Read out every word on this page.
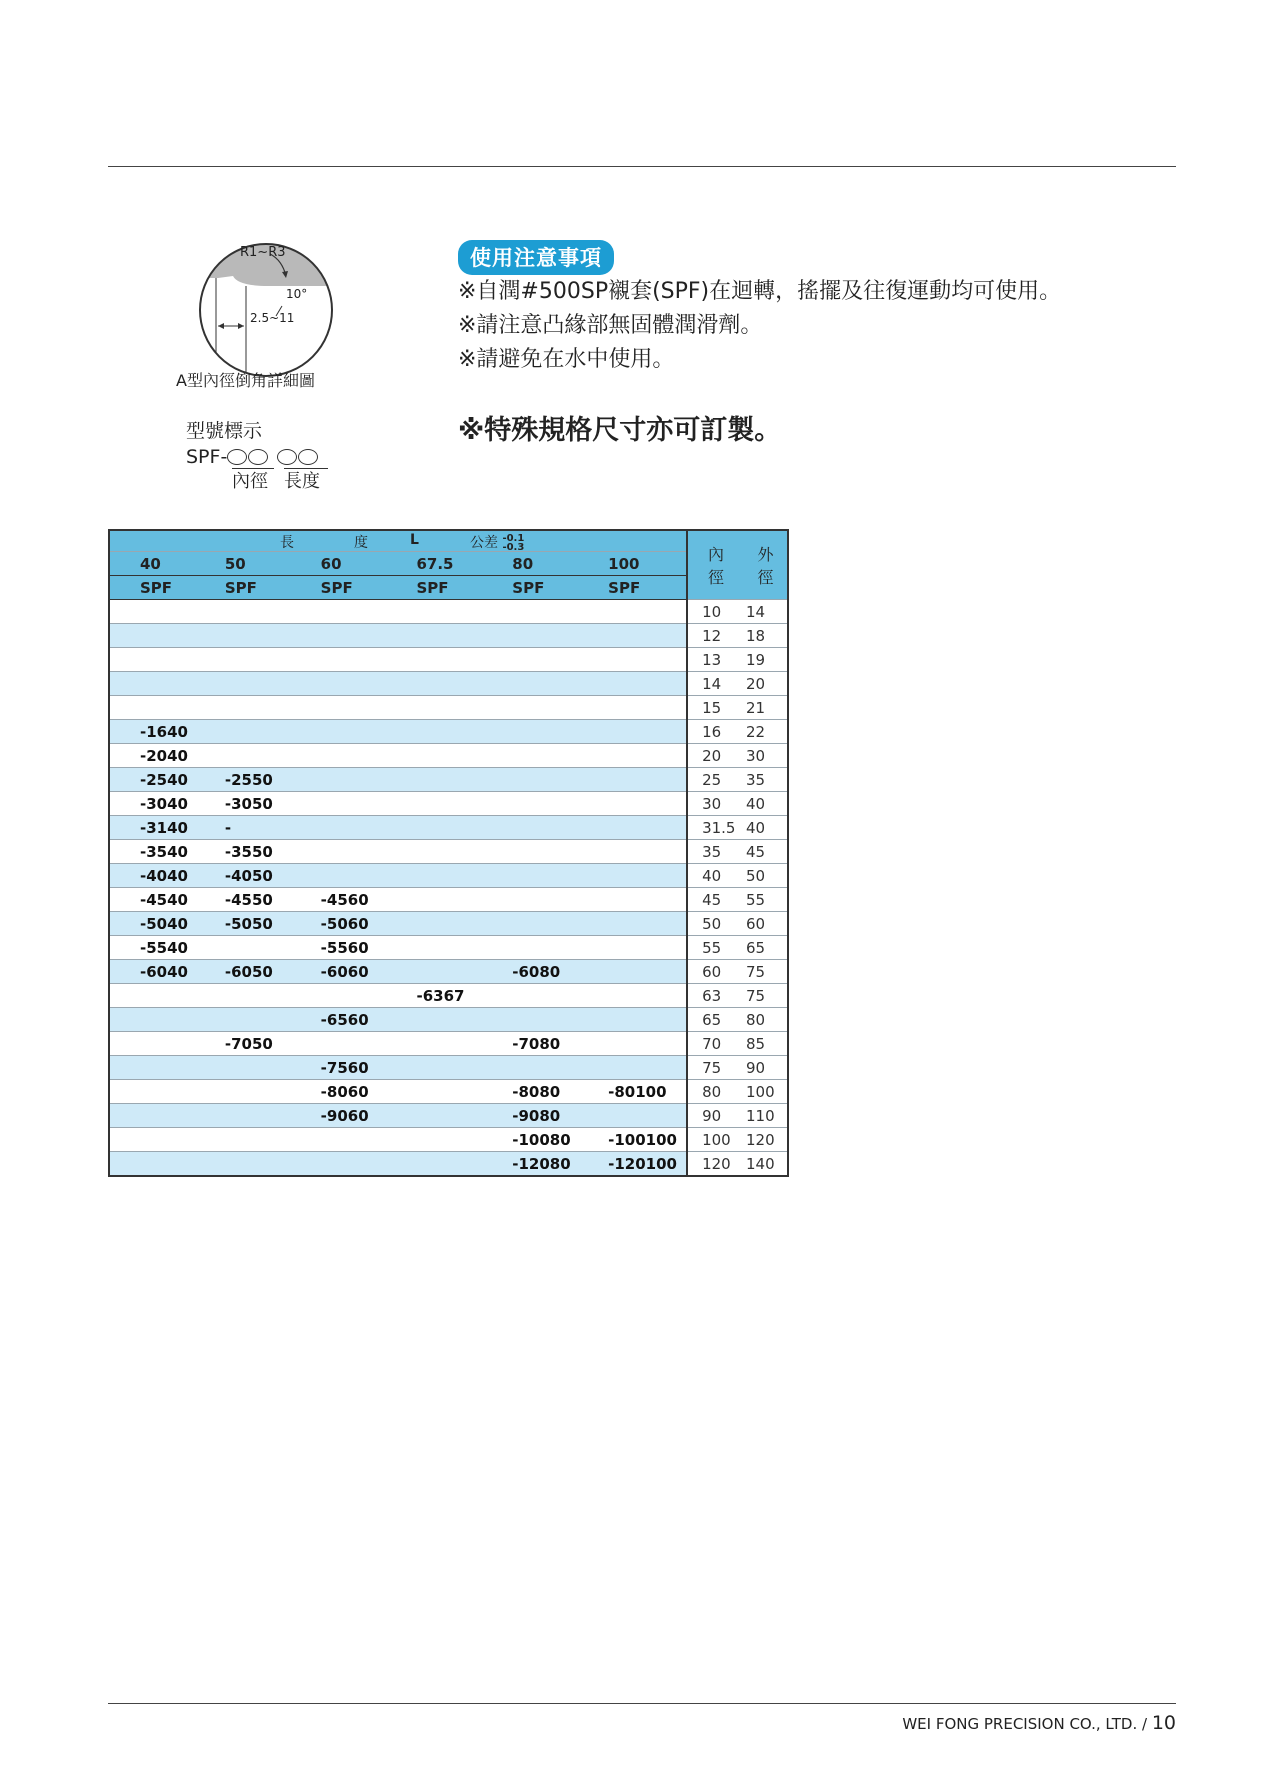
R1~R3
10°
2.5~11
A型內徑倒角詳細圖
型號標示
SPF-
內徑 長度
使用注意事項
※自潤#500SP襯套(SPF)在迴轉，搖擺及往復運動均可使用。
※請注意凸緣部無固體潤滑劑。
※請避免在水中使用。
※特殊規格尺寸亦可訂製。
長 度 L 公差 -0.1
-0.3						內
徑	外
徑
40	50	60	67.5	80	100		
SPF	SPF	SPF	SPF	SPF	SPF		
						10	14
						12	18
						13	19
						14	20
						15	21
-1640						16	22
-2040						20	30
-2540	-2550					25	35
-3040	-3050					30	40
-3140	-					31.5	40
-3540	-3550					35	45
-4040	-4050					40	50
-4540	-4550	-4560				45	55
-5040	-5050	-5060				50	60
-5540		-5560				55	65
-6040	-6050	-6060		-6080		60	75
			-6367			63	75
		-6560				65	80
	-7050			-7080		70	85
		-7560				75	90
		-8060		-8080	-80100	80	100
		-9060		-9080		90	110
				-10080	-100100	100	120
				-12080	-120100	120	140
WEI FONG PRECISION CO., LTD. / 10
